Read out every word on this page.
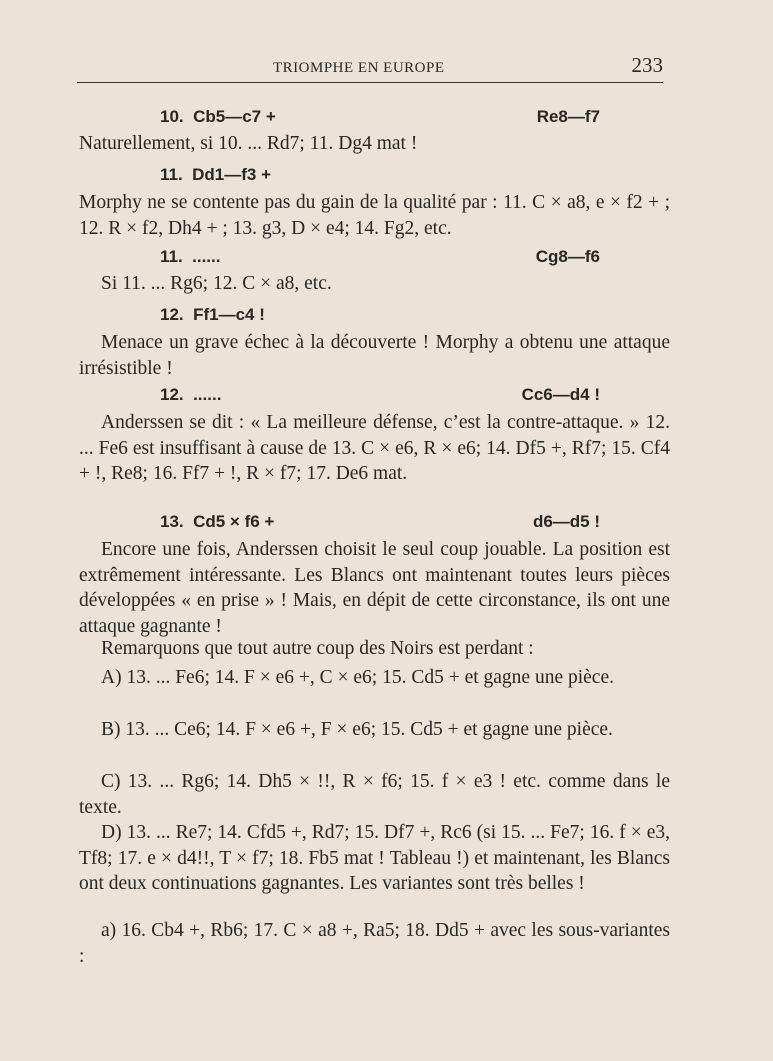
TRIOMPHE EN EUROPE	233
10.  Cb5—c7 +	Re8—f7

Naturellement, si 10. ... Rd7; 11. Dg4 mat !

11.  Dd1—f3 +

Morphy ne se contente pas du gain de la qualité par : 11. C × a8, e × f2 + ; 12. R × f2, Dh4 + ; 13. g3, D × e4; 14. Fg2, etc.

11.  ......	Cg8—f6

Si 11. ... Rg6; 12. C × a8, etc.

12.  Ff1—c4 !

Menace un grave échec à la découverte ! Morphy a obtenu une attaque irrésistible !

12.  ......	Cc6—d4 !

Anderssen se dit : « La meilleure défense, c’est la contre-attaque. » 12. ... Fe6 est insuffisant à cause de 13. C × e6, R × e6; 14. Df5 +, Rf7; 15. Cf4 + !, Re8; 16. Ff7 + !, R × f7; 17. De6 mat.

13.  Cd5 × f6 +	d6—d5 !

Encore une fois, Anderssen choisit le seul coup jouable. La position est extrêmement intéressante. Les Blancs ont maintenant toutes leurs pièces développées « en prise » ! Mais, en dépit de cette circonstance, ils ont une attaque gagnante !

Remarquons que tout autre coup des Noirs est perdant :

A) 13. ... Fe6; 14. F × e6 +, C × e6; 15. Cd5 + et gagne une pièce.

B) 13. ... Ce6; 14. F × e6 +, F × e6; 15. Cd5 + et gagne une pièce.

C) 13. ... Rg6; 14. Dh5 × !!, R × f6; 15. f × e3 ! etc. comme dans le texte.

D) 13. ... Re7; 14. Cfd5 +, Rd7; 15. Df7 +, Rc6 (si 15. ... Fe7; 16. f × e3, Tf8; 17. e × d4!!, T × f7; 18. Fb5 mat ! Tableau !) et maintenant, les Blancs ont deux continuations gagnantes. Les variantes sont très belles !

a) 16. Cb4 +, Rb6; 17. C × a8 +, Ra5; 18. Dd5 + avec les sous-variantes :
